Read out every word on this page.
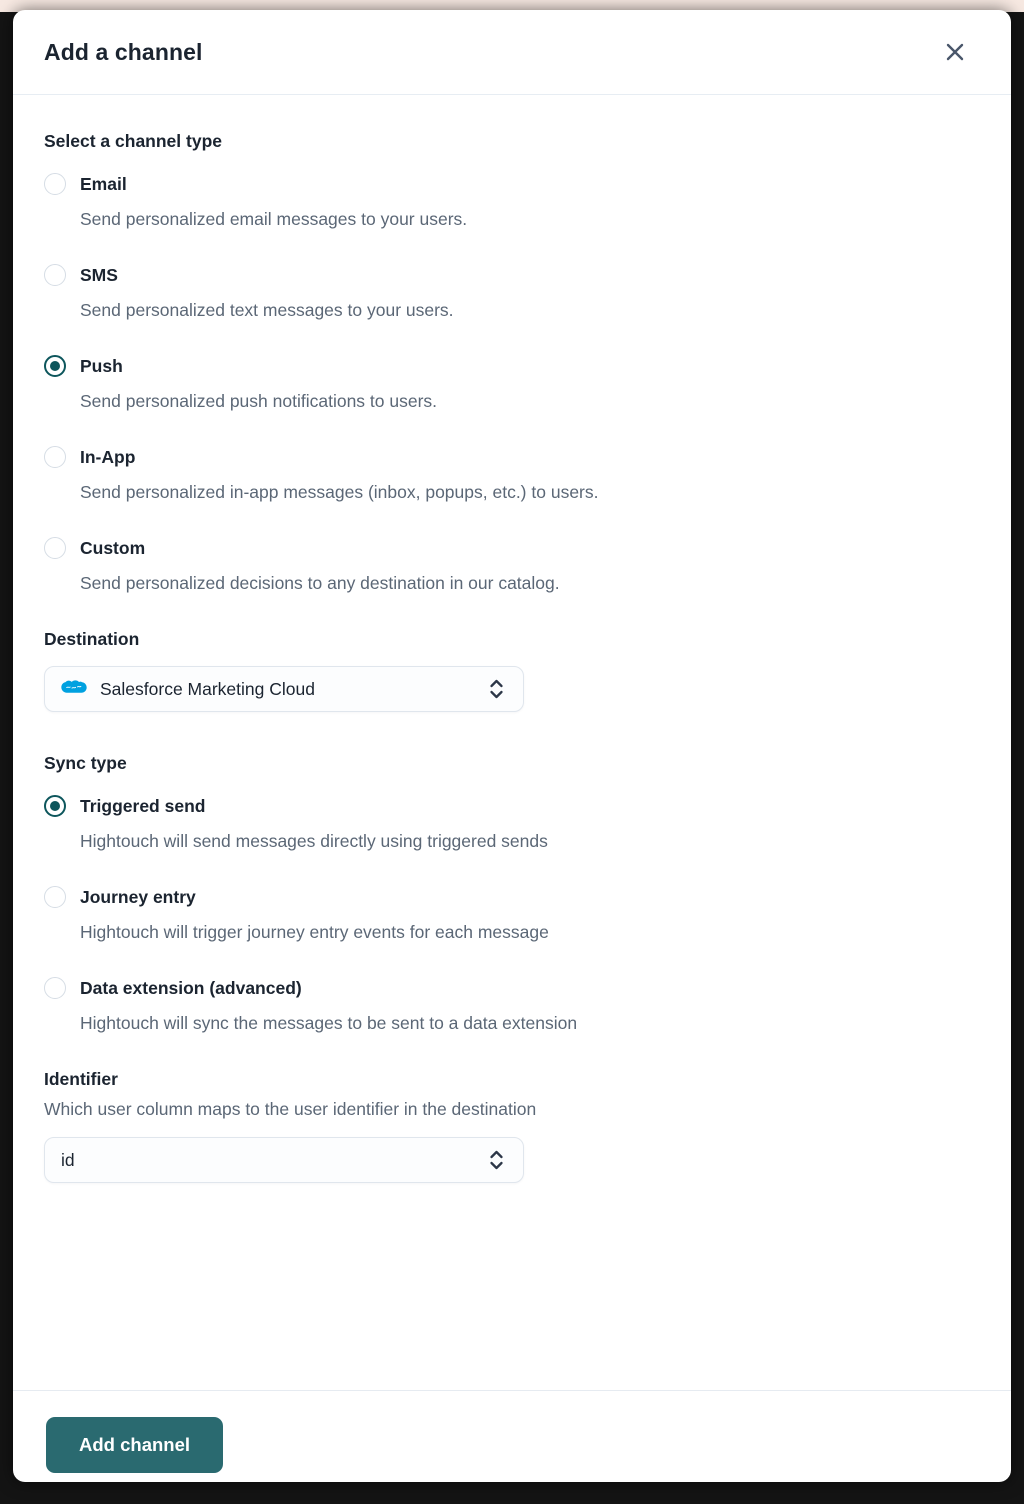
Add a channel
Select a channel type
Email
Send personalized email messages to your users.
SMS
Send personalized text messages to your users.
Push
Send personalized push notifications to users.
In-App
Send personalized in-app messages (inbox, popups, etc.) to users.
Custom
Send personalized decisions to any destination in our catalog.
Destination
Salesforce Marketing Cloud
Sync type
Triggered send
Hightouch will send messages directly using triggered sends
Journey entry
Hightouch will trigger journey entry events for each message
Data extension (advanced)
Hightouch will sync the messages to be sent to a data extension
Identifier
Which user column maps to the user identifier in the destination
id
Add channel
